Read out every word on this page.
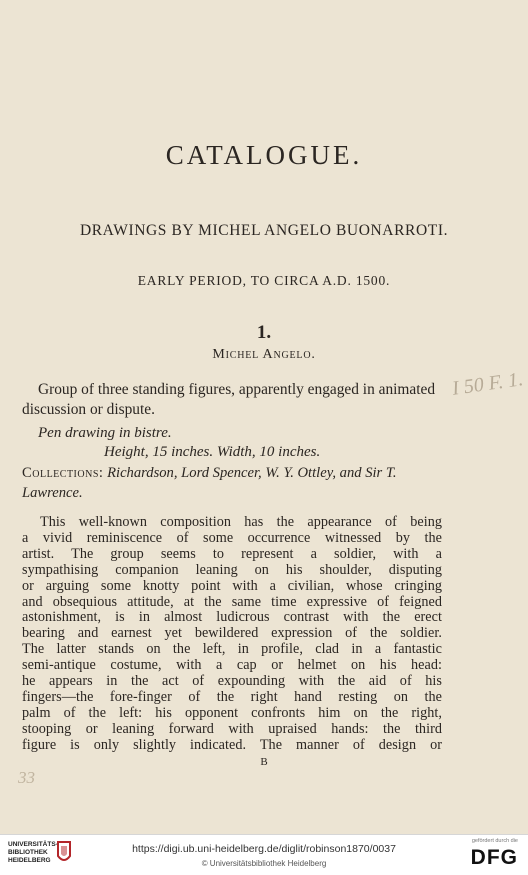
CATALOGUE.
DRAWINGS BY MICHEL ANGELO BUONARROTI.
EARLY PERIOD, TO CIRCA A.D. 1500.
1.
Michel Angelo.
Group of three standing figures, apparently engaged in animated discussion or dispute.
Pen drawing in bistre.
Height, 15 inches. Width, 10 inches.
Collections: Richardson, Lord Spencer, W. Y. Ottley, and Sir T. Lawrence.
This well-known composition has the appearance of being
a vivid reminiscence of some occurrence witnessed by the
artist. The group seems to represent a soldier, with a
sympathising companion leaning on his shoulder, disputing
or arguing some knotty point with a civilian, whose cringing
and obsequious attitude, at the same time expressive of feigned
astonishment, is in almost ludicrous contrast with the erect
bearing and earnest yet bewildered expression of the soldier.
The latter stands on the left, in profile, clad in a fantastic
semi-antique costume, with a cap or helmet on his head:
he appears in the act of expounding with the aid of his
fingers—the fore-finger of the right hand resting on the
palm of the left: his opponent confronts him on the right,
stooping or leaning forward with upraised hands: the third
figure is only slightly indicated. The manner of design or
B
I 50 F. 1.
33
UNIVERSITÄTS-
BIBLIOTHEK
HEIDELBERG
https://digi.ub.uni-heidelberg.de/diglit/robinson1870/0037
© Universitätsbibliothek Heidelberg
gefördert durch die
DFG
